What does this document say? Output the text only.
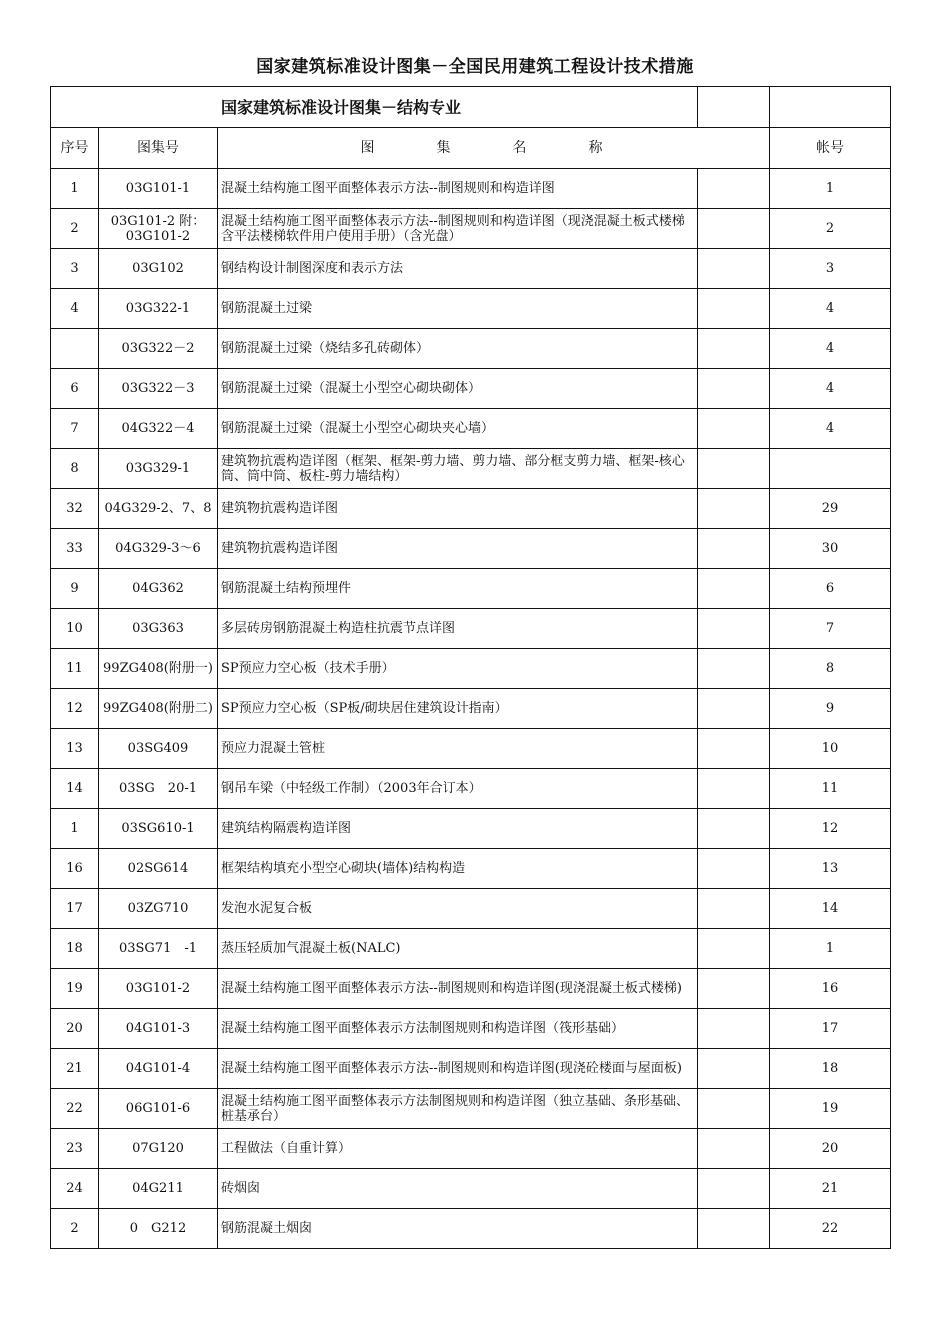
国家建筑标准设计图集－全国民用建筑工程设计技术措施
国家建筑标准设计图集－结构专业				
序号	图集号	图　集　名　称		帐号
1	03G101-1	混凝土结构施工图平面整体表示方法--制图规则和构造详图		1
2	03G101-2 附：03G101-2	混凝土结构施工图平面整体表示方法--制图规则和构造详图（现浇混凝土板式楼梯 含平法楼梯软件用户使用手册）（含光盘）		2
3	03G102	钢结构设计制图深度和表示方法		3
4	03G322-1	钢筋混凝土过梁		4
	03G322－2	钢筋混凝土过梁（烧结多孔砖砌体）		4
6	03G322－3	钢筋混凝土过梁（混凝土小型空心砌块砌体）		4
7	04G322－4	钢筋混凝土过梁（混凝土小型空心砌块夹心墙）		4
8	03G329-1	建筑物抗震构造详图（框架、框架-剪力墙、剪力墙、部分框支剪力墙、框架-核心筒、筒中筒、板柱-剪力墙结构）		
32	04G329-2、7、8	建筑物抗震构造详图		29
33	04G329-3～6	建筑物抗震构造详图		30
9	04G362	钢筋混凝土结构预埋件		6
10	03G363	多层砖房钢筋混凝土构造柱抗震节点详图		7
11	99ZG408(附册一)	SP预应力空心板（技术手册）		8
12	99ZG408(附册二)	SP预应力空心板（SP板/砌块居住建筑设计指南）		9
13	03SG409	预应力混凝土管桩		10
14	03SG　20-1	钢吊车梁（中轻级工作制）（2003年合订本）		11
1	03SG610-1	建筑结构隔震构造详图		12
16	02SG614	框架结构填充小型空心砌块(墙体)结构构造		13
17	03ZG710	发泡水泥复合板		14
18	03SG71　-1	蒸压轻质加气混凝土板(NALC)		1
19	03G101-2	混凝土结构施工图平面整体表示方法--制图规则和构造详图(现浇混凝土板式楼梯)		16
20	04G101-3	混凝土结构施工图平面整体表示方法制图规则和构造详图（筏形基础）		17
21	04G101-4	混凝土结构施工图平面整体表示方法--制图规则和构造详图(现浇砼楼面与屋面板)		18
22	06G101-6	混凝土结构施工图平面整体表示方法制图规则和构造详图（独立基础、条形基础、桩基承台）		19
23	07G120	工程做法（自重计算）		20
24	04G211	砖烟囱		21
2	0　G212	钢筋混凝土烟囱		22
